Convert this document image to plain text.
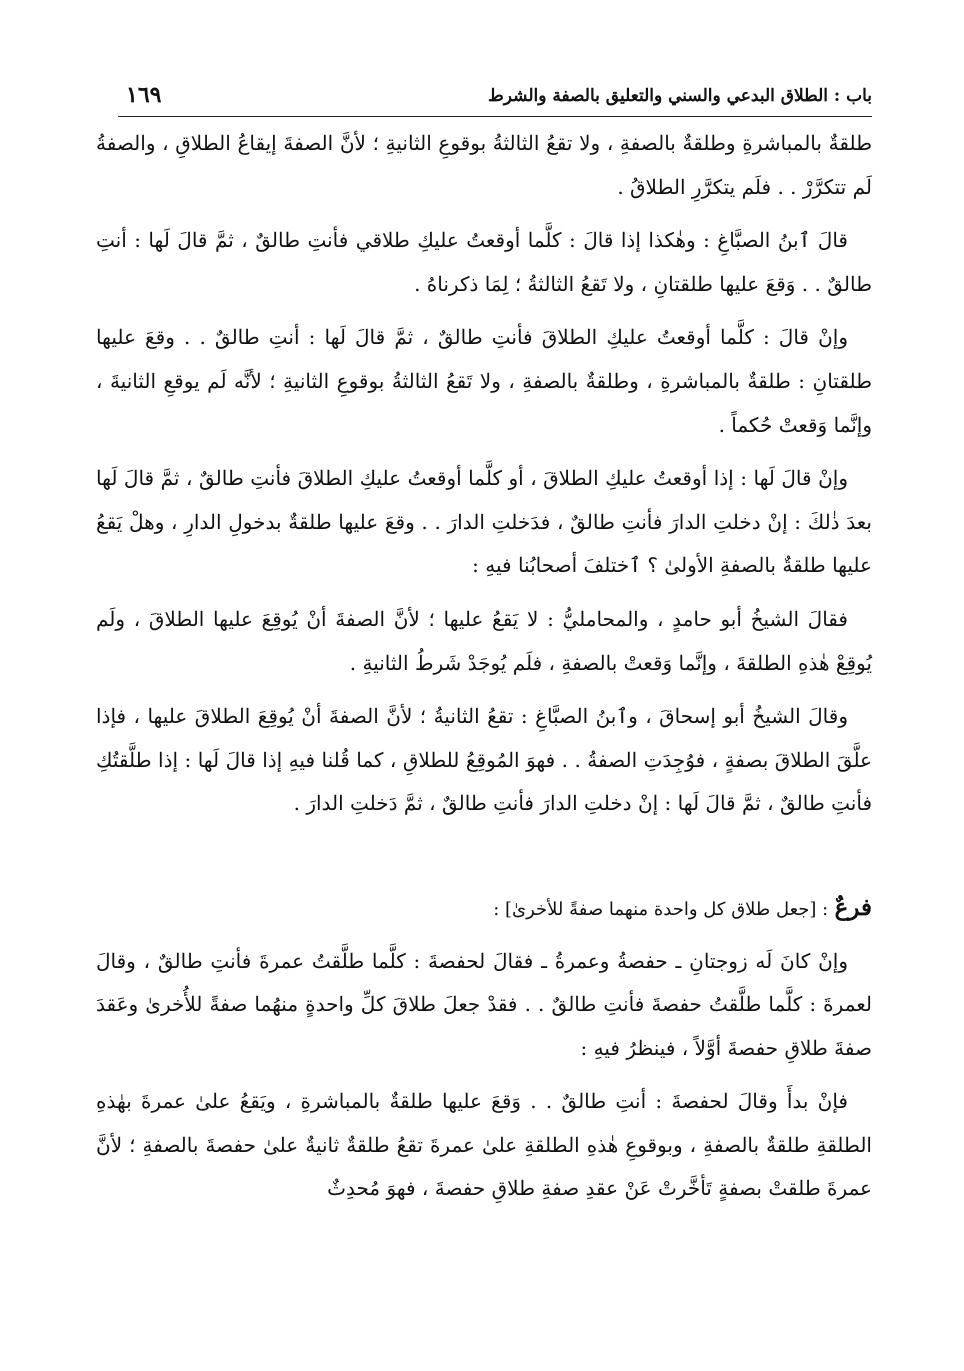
باب : الطلاق البدعي والسني والتعليق بالصفة والشرط
١٦٩

طلقةٌ بالمباشرةِ وطلقةٌ بالصفةِ ، ولا تقعُ الثالثةُ بوقوعِ الثانيةِ ؛ لأنَّ الصفةَ إيقاعُ الطلاقِ ، والصفةُ لَم تتكرَّرْ . . فلَم يتكرَّرِ الطلاقُ .

قالَ ٱبنُ الصبَّاغِ : وهٰكذا إذا قالَ : كلَّما أوقعتُ عليكِ طلاقي فأنتِ طالقٌ ، ثمَّ قالَ لَها : أنتِ طالقٌ . . وَقعَ عليها طلقتانِ ، ولا تَقعُ الثالثةُ ؛ لِمَا ذكرناهُ .

وإنْ قالَ : كلَّما أوقعتُ عليكِ الطلاقَ فأنتِ طالقٌ ، ثمَّ قالَ لَها : أنتِ طالقٌ . . وقعَ عليها طلقتانِ : طلقةٌ بالمباشرةِ ، وطلقةٌ بالصفةِ ، ولا تَقعُ الثالثةُ بوقوعِ الثانيةِ ؛ لأنَّه لَم يوقعِ الثانيةَ ، وإنَّما وَقعتْ حُكماً .

وإنْ قالَ لَها : إذا أوقعتُ عليكِ الطلاقَ ، أو كلَّما أوقعتُ عليكِ الطلاقَ فأنتِ طالقٌ ، ثمَّ قالَ لَها بعدَ ذٰلكَ : إنْ دخلتِ الدارَ فأنتِ طالقٌ ، فدَخلتِ الدارَ . . وقعَ عليها طلقةٌ بدخولِ الدارِ ، وهلْ يَقعُ عليها طلقةٌ بالصفةِ الأولىٰ ؟ ٱختلفَ أصحابُنا فيهِ :

فقالَ الشيخُ أبو حامدٍ ، والمحامليُّ : لا يَقعُ عليها ؛ لأنَّ الصفةَ أنْ يُوقِعَ عليها الطلاقَ ، ولَم يُوقِعْ هٰذهِ الطلقةَ ، وإنَّما وَقعتْ بالصفةِ ، فلَم يُوجَدْ شَرطُ الثانيةِ .

وقالَ الشيخُ أبو إسحاقَ ، وٱبنُ الصبَّاغِ : تقعُ الثانيةُ ؛ لأنَّ الصفةَ أنْ يُوقِعَ الطلاقَ عليها ، فإذا علَّقَ الطلاقَ بصفةٍ ، فوُجِدَتِ الصفةُ . . فهوَ المُوقِعُ للطلاقِ ، كما قُلنا فيهِ إذا قالَ لَها : إذا طلَّقتُكِ فأنتِ طالقٌ ، ثمَّ قالَ لَها : إنْ دخلتِ الدارَ فأنتِ طالقٌ ، ثمَّ دَخلتِ الدارَ .

فرعٌ : [جعل طلاق كل واحدة منهما صفةً للأخرىٰ] :

وإنْ كانَ لَه زوجتانِ ـ حفصةُ وعمرةُ ـ فقالَ لحفصةَ : كلَّما طلَّقتُ عمرةَ فأنتِ طالقٌ ، وقالَ لعمرةَ : كلَّما طلَّقتُ حفصةَ فأنتِ طالقٌ . . فقدْ جعلَ طلاقَ كلِّ واحدةٍ منهُما صفةً للأُخرىٰ وعَقدَ صفةَ طلاقِ حفصةَ أوَّلاً ، فينظرُ فيهِ :

فإنْ بدأَ وقالَ لحفصةَ : أنتِ طالقٌ . . وَقعَ عليها طلقةٌ بالمباشرةِ ، ويَقعُ علىٰ عمرةَ بهٰذهِ الطلقةِ طلقةٌ بالصفةِ ، وبوقوعِ هٰذهِ الطلقةِ علىٰ عمرةَ تقعُ طلقةٌ ثانيةٌ علىٰ حفصةَ بالصفةِ ؛ لأنَّ عمرةَ طلقتْ بصفةٍ تَأخَّرتْ عَنْ عقدِ صفةِ طلاقِ حفصةَ ، فهوَ مُحدِثٌ
